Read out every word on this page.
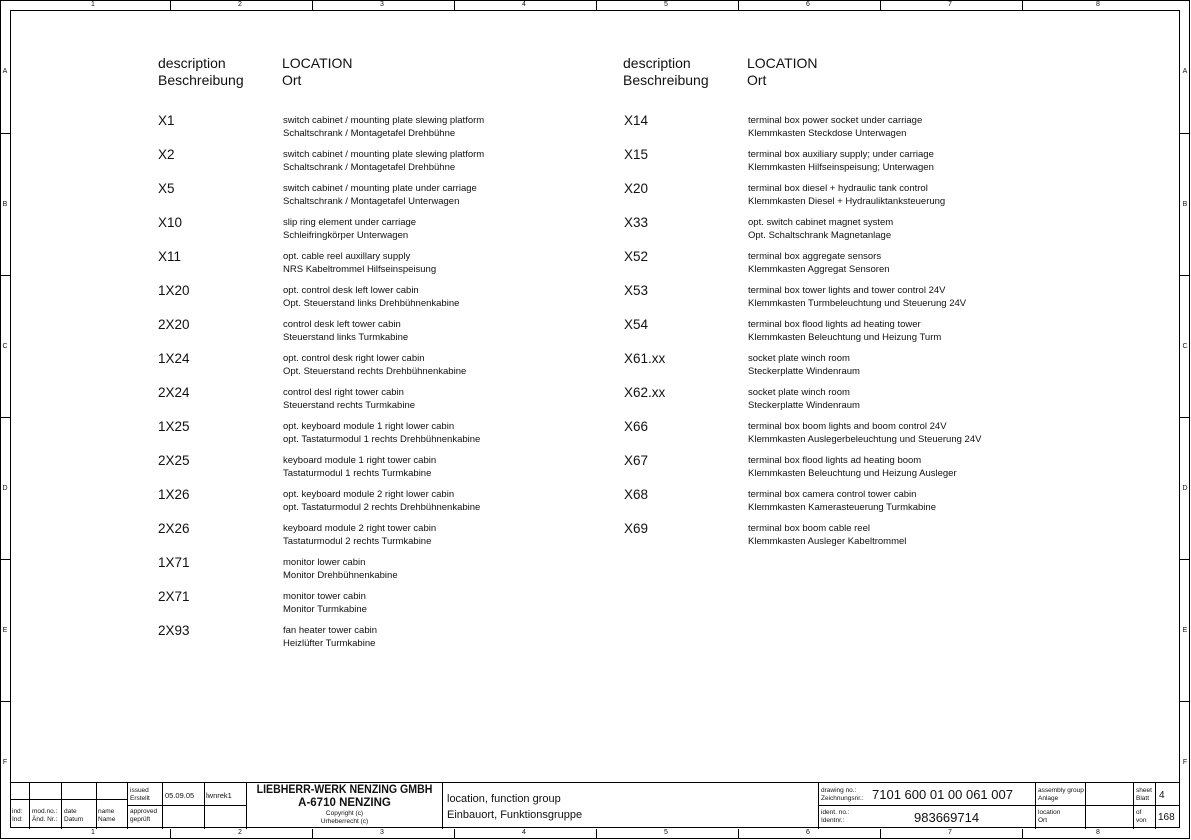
1
1
2
2
3
3
4
4
5
5
6
6
7
7
8
8
A	A
B	B
C	C
D	D
E	E
F	F
description
Beschreibung
LOCATION
Ort
description
Beschreibung
LOCATION
Ort
X1	switch cabinet / mounting plate slewing platform
Schaltschrank / Montagetafel Drehbühne
X2	switch cabinet / mounting plate slewing platform
Schaltschrank / Montagetafel Drehbühne
X5	switch cabinet / mounting plate under carriage
Schaltschrank / Montagetafel Unterwagen
X10	slip ring element under carriage
Schleifringkörper Unterwagen
X11	opt. cable reel auxillary supply
NRS Kabeltrommel Hilfseinspeisung
1X20	opt. control desk left lower cabin
Opt. Steuerstand links Drehbühnenkabine
2X20	control desk left tower cabin
Steuerstand links Turmkabine
1X24	opt. control desk right lower cabin
Opt. Steuerstand rechts Drehbühnenkabine
2X24	control desl right tower cabin
Steuerstand rechts Turmkabine
1X25	opt. keyboard module 1 right lower cabin
opt. Tastaturmodul 1 rechts Drehbühnenkabine
2X25	keyboard module 1 right tower cabin
Tastaturmodul 1 rechts Turmkabine
1X26	opt. keyboard module 2 right lower cabin
opt. Tastaturmodul 2 rechts Drehbühnenkabine
2X26	keyboard module 2 right tower cabin
Tastaturmodul 2 rechts Turmkabine
1X71	monitor lower cabin
Monitor Drehbühnenkabine
2X71	monitor tower cabin
Monitor Turmkabine
2X93	fan heater tower cabin
Heizlüfter Turmkabine
X14	terminal box power socket under carriage
Klemmkasten Steckdose Unterwagen
X15	terminal box auxiliary supply; under carriage
Klemmkasten Hilfseinspeisung; Unterwagen
X20	terminal box diesel + hydraulic tank control
Klemmkasten Diesel + Hydrauliktanksteuerung
X33	opt. switch cabinet magnet system
Opt. Schaltschrank Magnetanlage
X52	terminal box aggregate sensors
Klemmkasten Aggregat Sensoren
X53	terminal box tower lights and tower control 24V
Klemmkasten Turmbeleuchtung und Steuerung 24V
X54	terminal box flood lights ad heating tower
Klemmkasten Beleuchtung und Heizung Turm
X61.xx	socket plate winch room
Steckerplatte Windenraum
X62.xx	socket plate winch room
Steckerplatte Windenraum
X66	terminal box boom lights and boom control 24V
Klemmkasten Auslegerbeleuchtung und Steuerung 24V
X67	terminal box flood lights ad heating boom
Klemmkasten Beleuchtung und Heizung Ausleger
X68	terminal box camera control tower cabin
Klemmkasten Kamerasteuerung Turmkabine
X69	terminal box boom cable reel
Klemmkasten Ausleger Kabeltrommel
ind:
Ind:
mod.no.:
Änd. Nr.:
date
Datum
name
Name
issued
Erstellt
approved
geprüft
05.09.05 lwnrek1 LIEBHERR-WERK NENZING GMBH
A-6710 NENZING
Copyright (c)
Urheberrecht (c)
location, function group
Einbauort, Funktionsgruppe
drawing no.:
Zeichnungsnr.: 7101 600 01 00 061 007
ident. no.:
Identnr.:	983669714
assembly group
Anlage
location
Ort
sheet
Blatt 4
of
von 168
